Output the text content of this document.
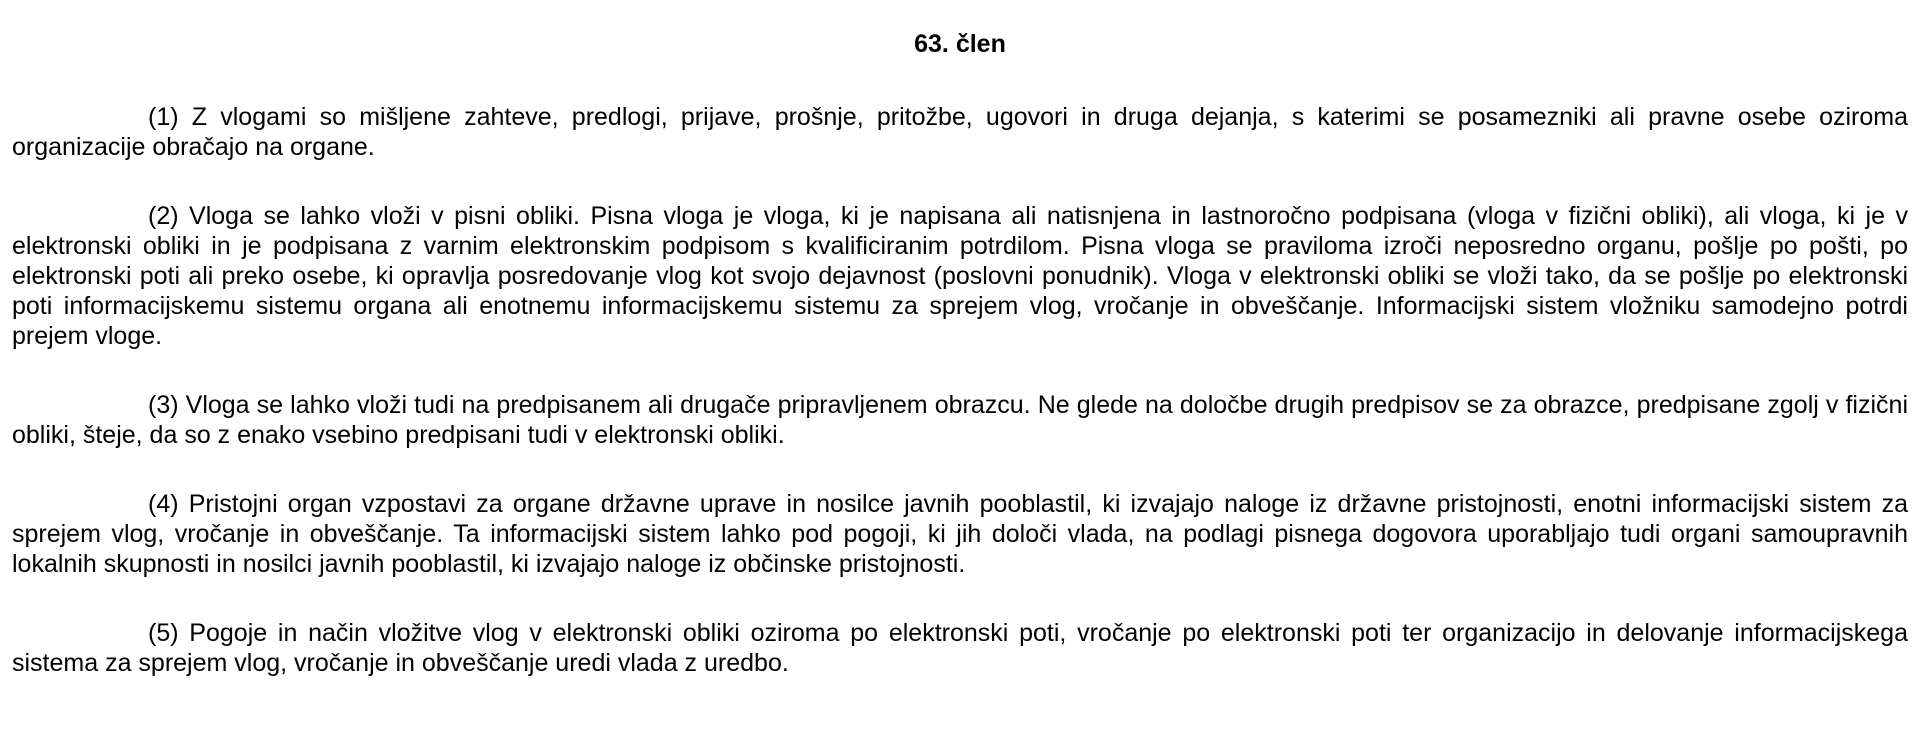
63. člen

(1) Z vlogami so mišljene zahteve, predlogi, prijave, prošnje, pritožbe, ugovori in druga dejanja, s katerimi se posamezniki ali pravne osebe oziroma organizacije obračajo na organe.

(2) Vloga se lahko vloži v pisni obliki. Pisna vloga je vloga, ki je napisana ali natisnjena in lastnoročno podpisana (vloga v fizični obliki), ali vloga, ki je v elektronski obliki in je podpisana z varnim elektronskim podpisom s kvalificiranim potrdilom. Pisna vloga se praviloma izroči neposredno organu, pošlje po pošti, po elektronski poti ali preko osebe, ki opravlja posredovanje vlog kot svojo dejavnost (poslovni ponudnik). Vloga v elektronski obliki se vloži tako, da se pošlje po elektronski poti informacijskemu sistemu organa ali enotnemu informacijskemu sistemu za sprejem vlog, vročanje in obveščanje. Informacijski sistem vložniku samodejno potrdi prejem vloge.

(3) Vloga se lahko vloži tudi na predpisanem ali drugače pripravljenem obrazcu. Ne glede na določbe drugih predpisov se za obrazce, predpisane zgolj v fizični obliki, šteje, da so z enako vsebino predpisani tudi v elektronski obliki.

(4) Pristojni organ vzpostavi za organe državne uprave in nosilce javnih pooblastil, ki izvajajo naloge iz državne pristojnosti, enotni informacijski sistem za sprejem vlog, vročanje in obveščanje. Ta informacijski sistem lahko pod pogoji, ki jih določi vlada, na podlagi pisnega dogovora uporabljajo tudi organi samoupravnih lokalnih skupnosti in nosilci javnih pooblastil, ki izvajajo naloge iz občinske pristojnosti.

(5) Pogoje in način vložitve vlog v elektronski obliki oziroma po elektronski poti, vročanje po elektronski poti ter organizacijo in delovanje informacijskega sistema za sprejem vlog, vročanje in obveščanje uredi vlada z uredbo.
